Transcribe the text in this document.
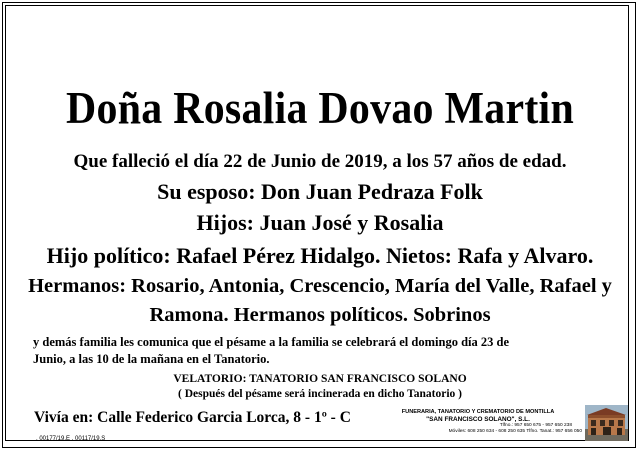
Doña Rosalia Dovao Martin
Que falleció el día 22 de Junio de 2019, a los 57 años de edad.
Su esposo: Don Juan Pedraza Folk
Hijos: Juan José y Rosalia
Hijo político: Rafael Pérez Hidalgo. Nietos: Rafa y Alvaro.
Hermanos: Rosario, Antonia, Crescencio, María del Valle, Rafael y
Ramona. Hermanos políticos. Sobrinos
y demás familia les comunica que el pésame a la familia se celebrará el domingo día 23 de
Junio, a las 10 de la mañana en el Tanatorio.
VELATORIO: TANATORIO SAN FRANCISCO SOLANO
( Después del pésame será incinerada en dicho Tanatorio )
Vivía en: Calle Federico Garcia Lorca, 8 - 1º - C
. 00177/19.E . 00117/19.S
FUNERARIA, TANATORIO Y CREMATORIO DE MONTILLA
"SAN FRANCISCO SOLANO", S.L.
Tlfno.: 957 650 675 - 957 650 238
Móviles: 608 250 634 - 608 250 635 Tlfno. Tanat.: 957 656 050
